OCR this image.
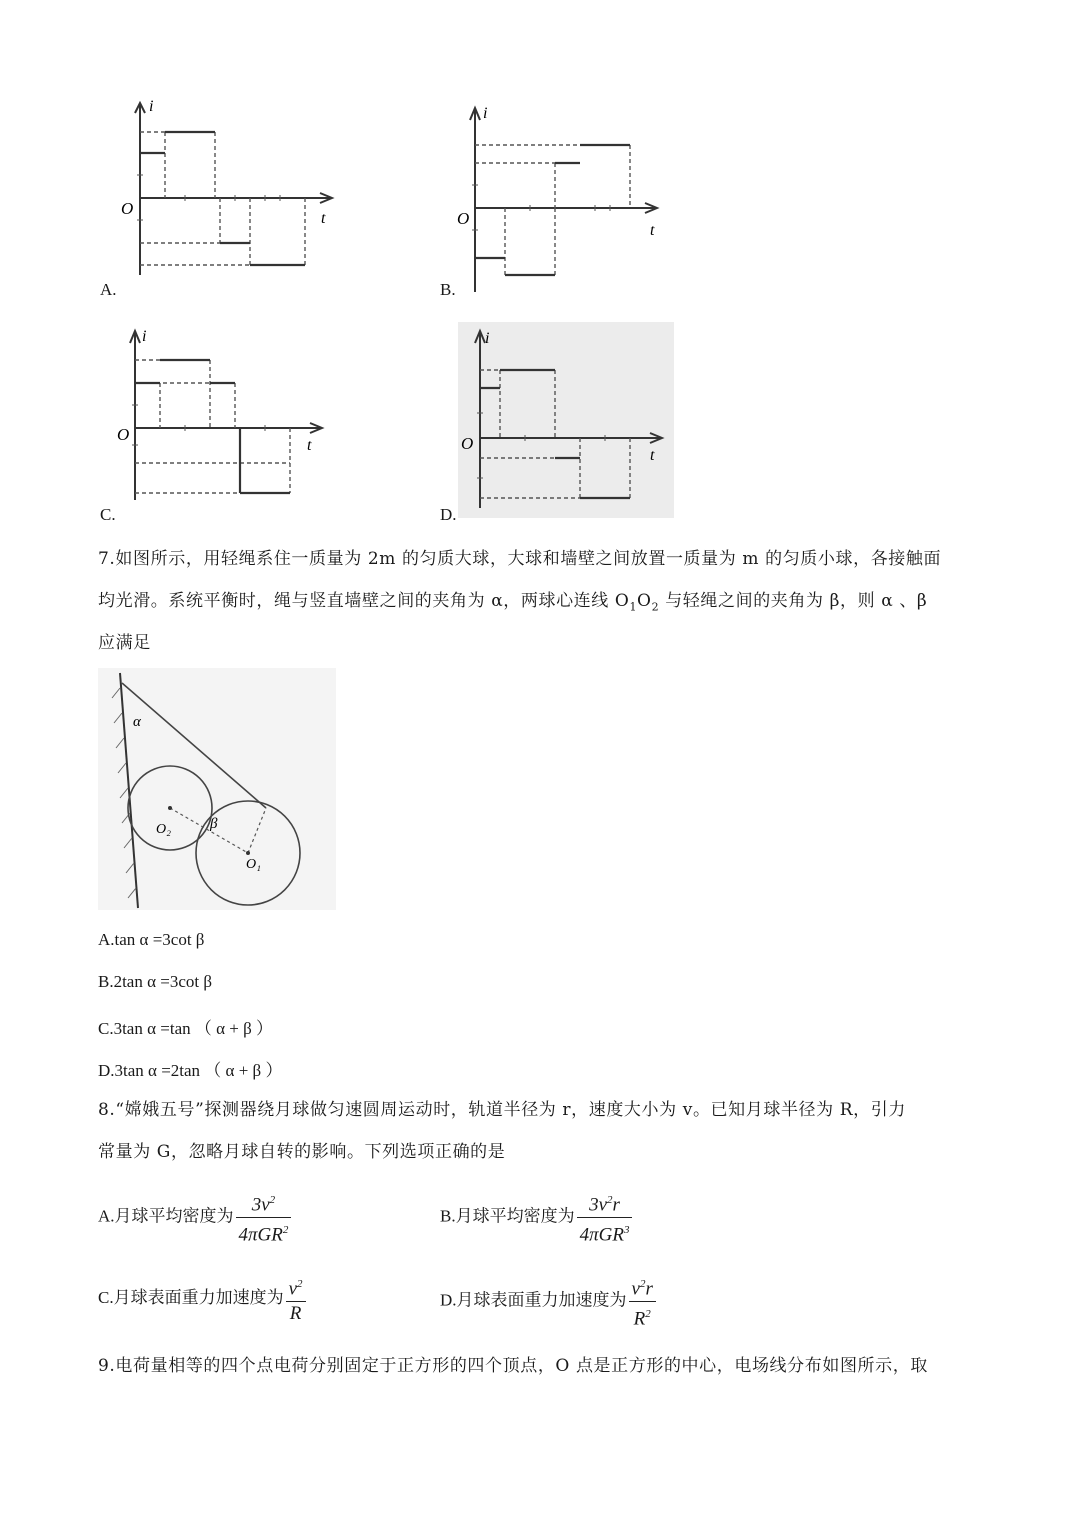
i
O
t
A.
i
O
t
B.
i
O
t
C.
i
O
t
D.
7.如图所示，用轻绳系住一质量为 2m 的匀质大球，大球和墙壁之间放置一质量为 m 的匀质小球，各接触面
均光滑。系统平衡时，绳与竖直墙壁之间的夹角为 α，两球心连线 $O_1O_2$ 与轻绳之间的夹角为 β，则 α 、β
应满足
α
β
O₂
O₁
A.tan α =3cot β
B.2tan α =3cot β
C.3tan α =tan （ α + β ）
D.3tan α =2tan （ α + β ）
8.“嫦娥五号”探测器绕月球做匀速圆周运动时，轨道半径为 r，速度大小为 v。已知月球半径为 R，引力
常量为 G，忽略月球自转的影响。下列选项正确的是
A.月球平均密度为 $\frac{3v^2}{4\pi GR^2}$	B.月球平均密度为 $\frac{3v^2r}{4\pi GR^3}$
C.月球表面重力加速度为 $\frac{v^2}{R}$	D.月球表面重力加速度为 $\frac{v^2r}{R^2}$
9.电荷量相等的四个点电荷分别固定于正方形的四个顶点，O 点是正方形的中心，电场线分布如图所示，取
